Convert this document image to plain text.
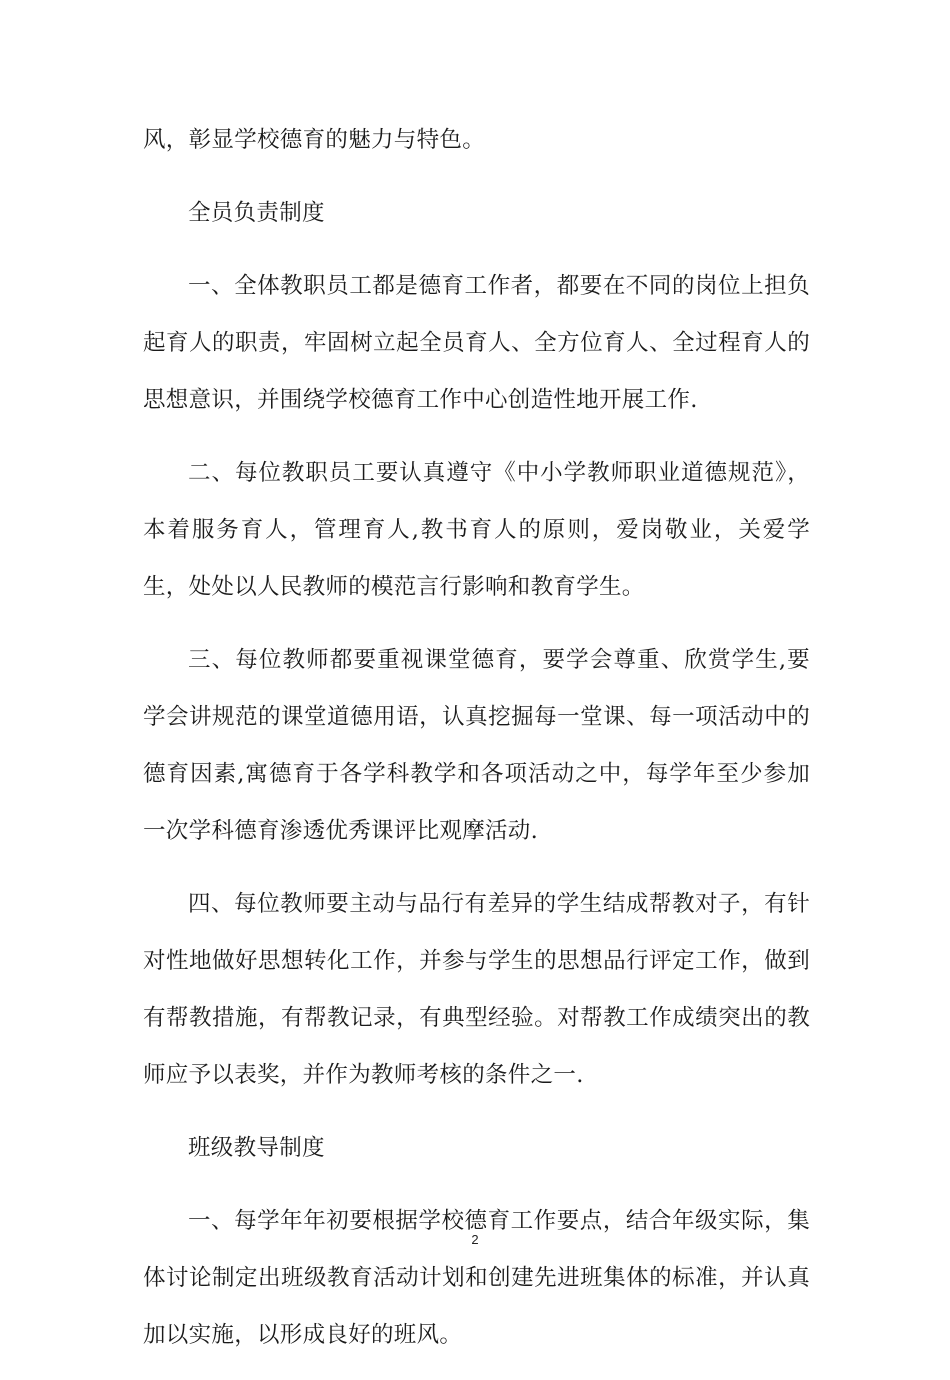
风，彰显学校德育的魅力与特色。

全员负责制度

一、全体教职员工都是德育工作者，都要在不同的岗位上担负起育人的职责，牢固树立起全员育人、全方位育人、全过程育人的思想意识，并围绕学校德育工作中心创造性地开展工作.

二、每位教职员工要认真遵守《中小学教师职业道德规范》，本着服务育人，管理育人,教书育人的原则，爱岗敬业，关爱学生，处处以人民教师的模范言行影响和教育学生。

三、每位教师都要重视课堂德育，要学会尊重、欣赏学生,要学会讲规范的课堂道德用语，认真挖掘每一堂课、每一项活动中的德育因素,寓德育于各学科教学和各项活动之中，每学年至少参加一次学科德育渗透优秀课评比观摩活动.

四、每位教师要主动与品行有差异的学生结成帮教对子，有针对性地做好思想转化工作，并参与学生的思想品行评定工作，做到有帮教措施，有帮教记录，有典型经验。对帮教工作成绩突出的教师应予以表奖，并作为教师考核的条件之一.

班级教导制度

一、每学年年初要根据学校德育工作要点，结合年级实际，集体讨论制定出班级教育活动计划和创建先进班集体的标准，并认真加以实施，以形成良好的班风。

2
